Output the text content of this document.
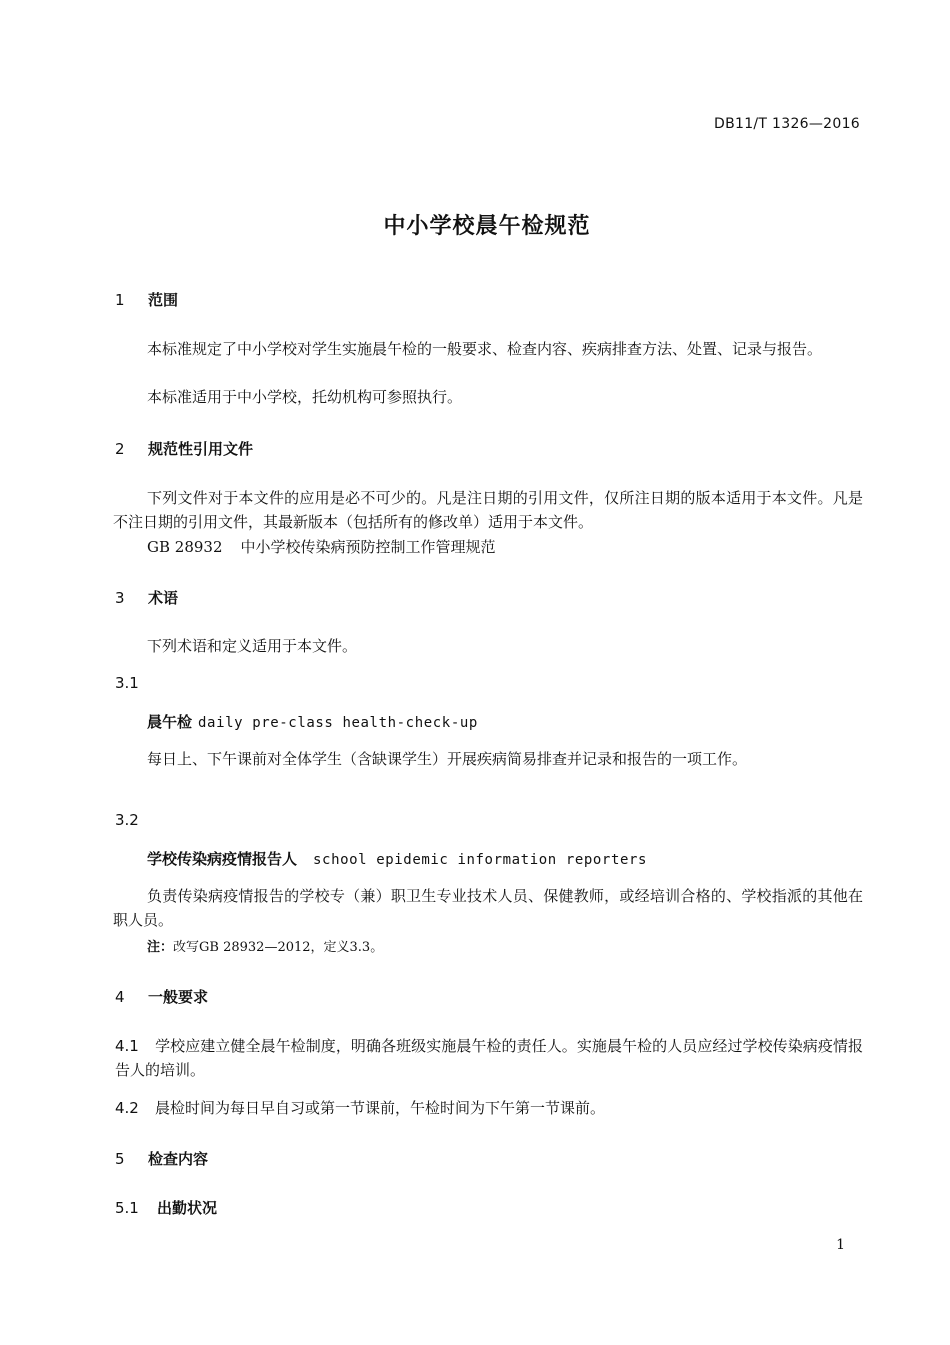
DB11/T 1326—2016
中小学校晨午检规范
1 范围
本标准规定了中小学校对学生实施晨午检的一般要求、检查内容、疾病排查方法、处置、记录与报告。
本标准适用于中小学校，托幼机构可参照执行。
2 规范性引用文件
下列文件对于本文件的应用是必不可少的。凡是注日期的引用文件，仅所注日期的版本适用于本文件。凡是不注日期的引用文件，其最新版本（包括所有的修改单）适用于本文件。
GB 28932 中小学校传染病预防控制工作管理规范
3 术语
下列术语和定义适用于本文件。
3.1
晨午检 daily pre-class health-check-up
每日上、下午课前对全体学生（含缺课学生）开展疾病简易排查并记录和报告的一项工作。
3.2
学校传染病疫情报告人 school epidemic information reporters
负责传染病疫情报告的学校专（兼）职卫生专业技术人员、保健教师，或经培训合格的、学校指派的其他在职人员。
注：改写GB 28932—2012，定义3.3。
4 一般要求
4.1 学校应建立健全晨午检制度，明确各班级实施晨午检的责任人。实施晨午检的人员应经过学校传染病疫情报告人的培训。
4.2 晨检时间为每日早自习或第一节课前，午检时间为下午第一节课前。
5 检查内容
5.1 出勤状况
1
